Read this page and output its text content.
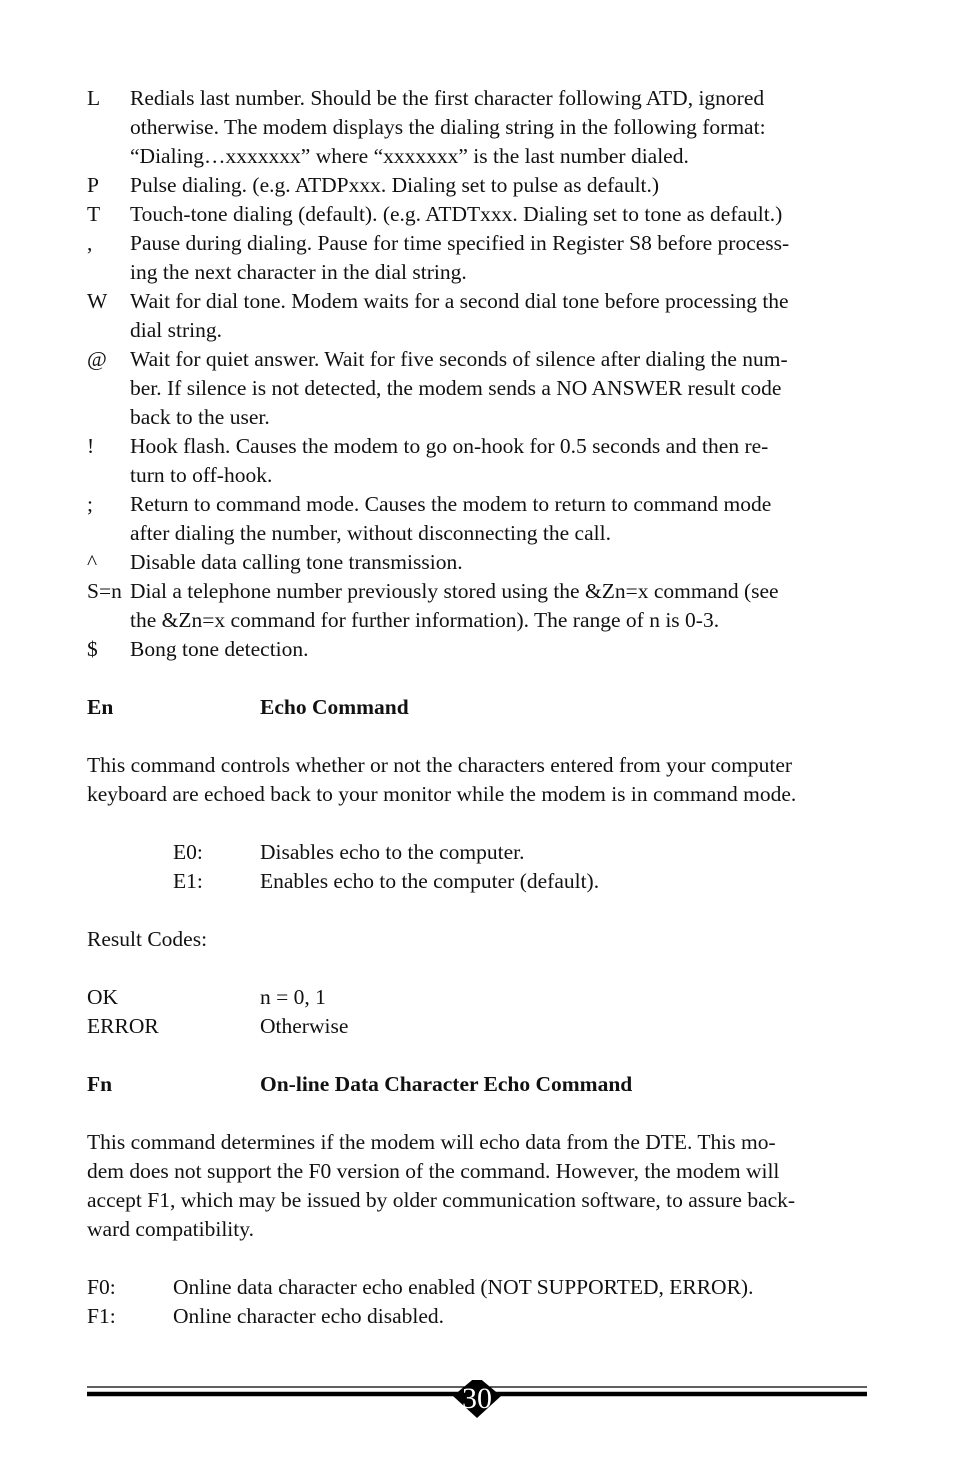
L	Redials last number. Should be the first character following ATD, ignored
otherwise. The modem displays the dialing string in the following format:
“Dialing…xxxxxxx” where “xxxxxxx” is the last number dialed.
P	Pulse dialing. (e.g. ATDPxxx. Dialing set to pulse as default.)
T	Touch-tone dialing (default). (e.g. ATDTxxx. Dialing set to tone as default.)
,	Pause during dialing. Pause for time specified in Register S8 before process-
ing the next character in the dial string.
W	Wait for dial tone. Modem waits for a second dial tone before processing the
dial string.
@	Wait for quiet answer. Wait for five seconds of silence after dialing the num-
ber. If silence is not detected, the modem sends a NO ANSWER result code
back to the user.
!	Hook flash. Causes the modem to go on-hook for 0.5 seconds and then re-
turn to off-hook.
;	Return to command mode. Causes the modem to return to command mode
after dialing the number, without disconnecting the call.
^	Disable data calling tone transmission.
S=n Dial a telephone number previously stored using the &Zn=x command (see
the &Zn=x command for further information). The range of n is 0-3.
$	Bong tone detection.
En	Echo Command
This command controls whether or not the characters entered from your computer
keyboard are echoed back to your monitor while the modem is in command mode.
E0:	Disables echo to the computer.
E1:	Enables echo to the computer (default).
Result Codes:
OK	n = 0, 1
ERROR	Otherwise
Fn	On-line Data Character Echo Command
This command determines if the modem will echo data from the DTE. This mo-
dem does not support the F0 version of the command. However, the modem will
accept F1, which may be issued by older communication software, to assure back-
ward compatibility.
F0:	Online data character echo enabled (NOT SUPPORTED, ERROR).
F1:	Online character echo disabled.
30
